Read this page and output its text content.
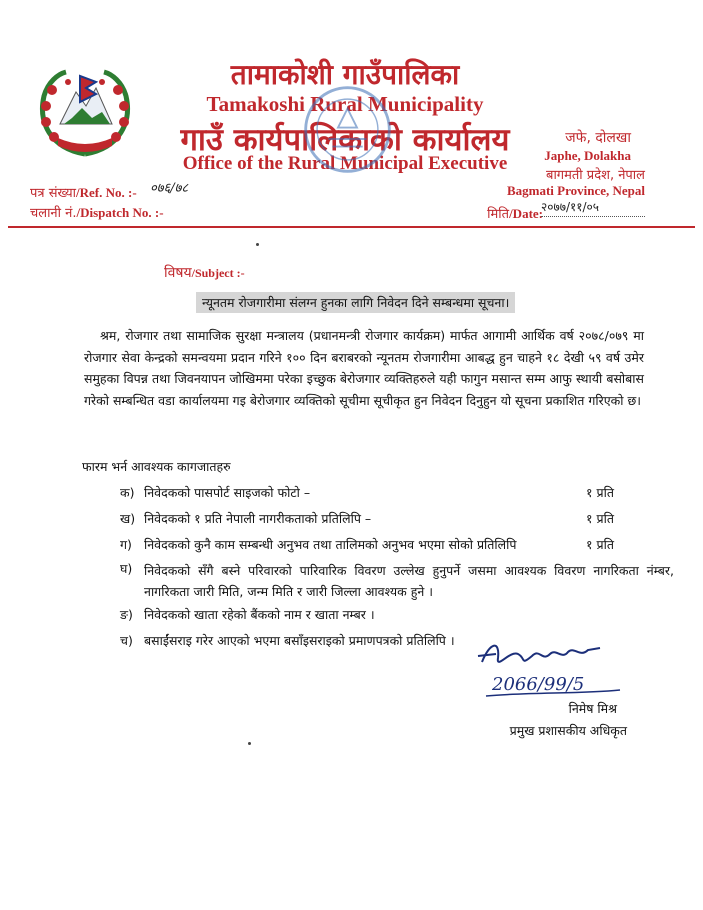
तामाकोशी गाउँपालिका
Tamakoshi Rural Municipality
गाउँ कार्यपालिकाको कार्यालय
Office of the Rural Municipal Executive
जफे, दोलखा
Japhe, Dolakha
बागमती प्रदेश, नेपाल
Bagmati Province, Nepal
पत्र संख्या/Ref. No. :- ०७६/७८
चलानी नं./Dispatch No. :-	मिति/Date:
२०७७/११/०५
विषय/Subject :-
न्यूनतम रोजगारीमा संलग्न हुनका लागि निवेदन दिने सम्बन्धमा सूचना।
श्रम, रोजगार तथा सामाजिक सुरक्षा मन्त्रालय (प्रधानमन्त्री रोजगार कार्यक्रम) मार्फत आगामी आर्थिक वर्ष २०७८/०७९ मा रोजगार सेवा केन्द्रको समन्वयमा प्रदान गरिने १०० दिन बराबरको न्यूनतम रोजगारीमा आबद्ध हुन चाहने १८ देखी ५९ वर्ष उमेर समुहका विपन्न तथा जिवनयापन जोखिममा परेका इच्छुक बेरोजगार व्यक्तिहरुले यही फागुन मसान्त सम्म आफु स्थायी बसोबास गरेको सम्बन्धित वडा कार्यालयमा गइ बेरोजगार व्यक्तिको सूचीमा सूचीकृत हुन निवेदन दिनुहुन यो सूचना प्रकाशित गरिएको छ।
फारम भर्न आवश्यक कागजातहरु
क) निवेदकको पासपोर्ट साइजको फोटो –	१ प्रति
ख) निवेदकको १ प्रति नेपाली नागरीकताको प्रतिलिपि –	१ प्रति
ग) निवेदकको कुनै काम सम्बन्धी अनुभव तथा तालिमको अनुभव भएमा सोको प्रतिलिपि	१ प्रति
घ) निवेदकको सँगै बस्ने परिवारको पारिवारिक विवरण उल्लेख हुनुपर्ने जसमा आवश्यक विवरण नागरिकता नंम्बर, नागरिकता जारी मिति, जन्म मिति र जारी जिल्ला आवश्यक हुने ।
ङ) निवेदकको खाता रहेको बैंकको नाम र खाता नम्बर ।
च) बसाईंसराइ गरेर आएको भएमा बसाँइसराइको प्रमाणपत्रको प्रतिलिपि ।
2066/99/5
निमेष मिश्र
प्रमुख प्रशासकीय अधिकृत
